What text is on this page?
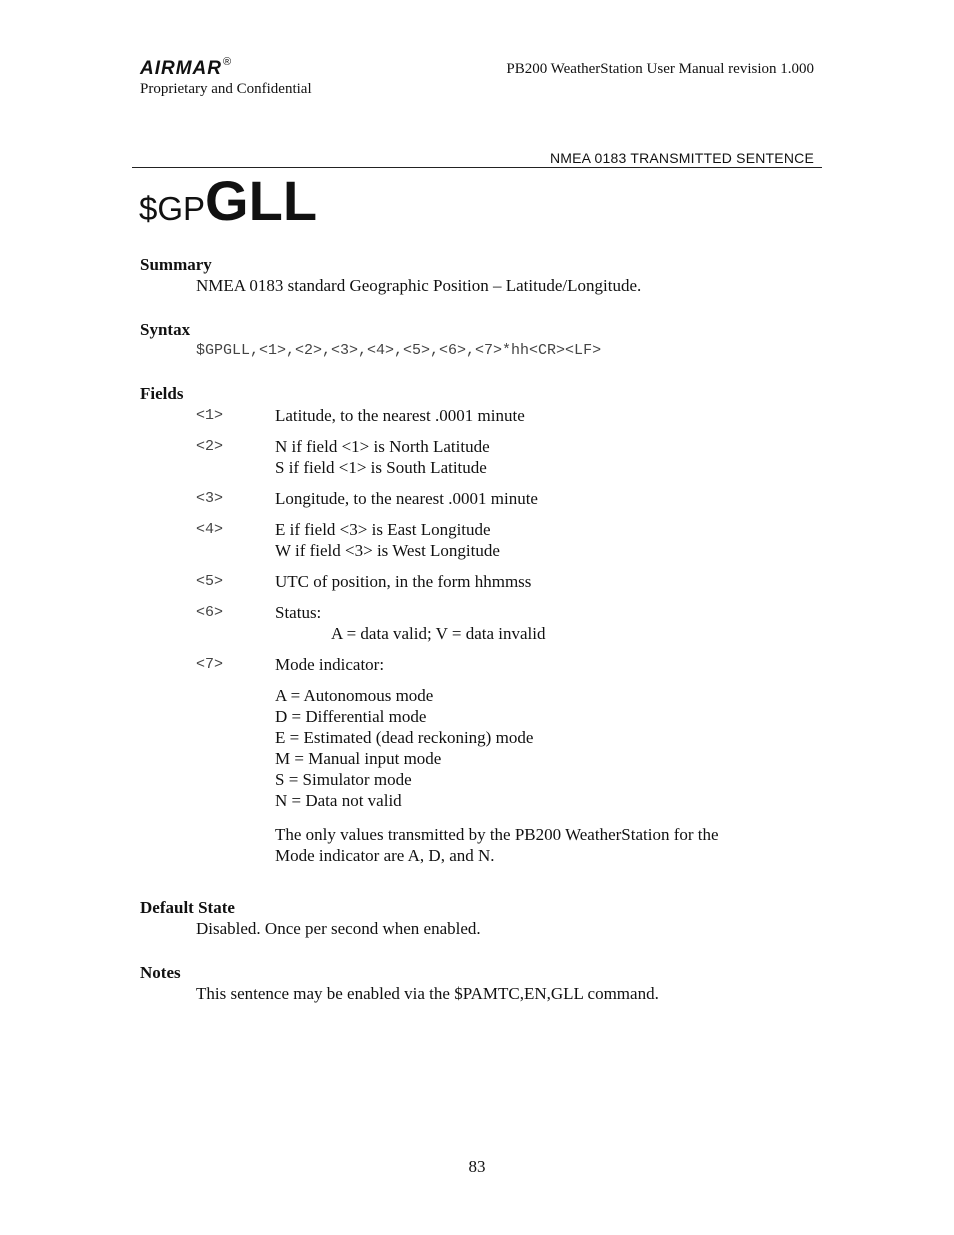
AIRMAR®
Proprietary and Confidential
PB200 WeatherStation User Manual revision 1.000
NMEA 0183 TRANSMITTED SENTENCE
$GPGLL
Summary
NMEA 0183 standard Geographic Position – Latitude/Longitude.
Syntax
$GPGLL,<1>,<2>,<3>,<4>,<5>,<6>,<7>*hh<CR><LF>
Fields
<1>	Latitude, to the nearest .0001 minute
<2>	N if field <1> is North Latitude
S if field <1> is South Latitude
<3>	Longitude, to the nearest .0001 minute
<4>	E if field <3> is East Longitude
W if field <3> is West Longitude
<5>	UTC of position, in the form hhmmss
<6>	Status:
A = data valid; V = data invalid
<7>	Mode indicator:
A = Autonomous mode
D = Differential mode
E = Estimated (dead reckoning) mode
M = Manual input mode
S = Simulator mode
N = Data not valid
The only values transmitted by the PB200 WeatherStation for the
Mode indicator are A, D, and N.
Default State
Disabled. Once per second when enabled.
Notes
This sentence may be enabled via the $PAMTC,EN,GLL command.
83
